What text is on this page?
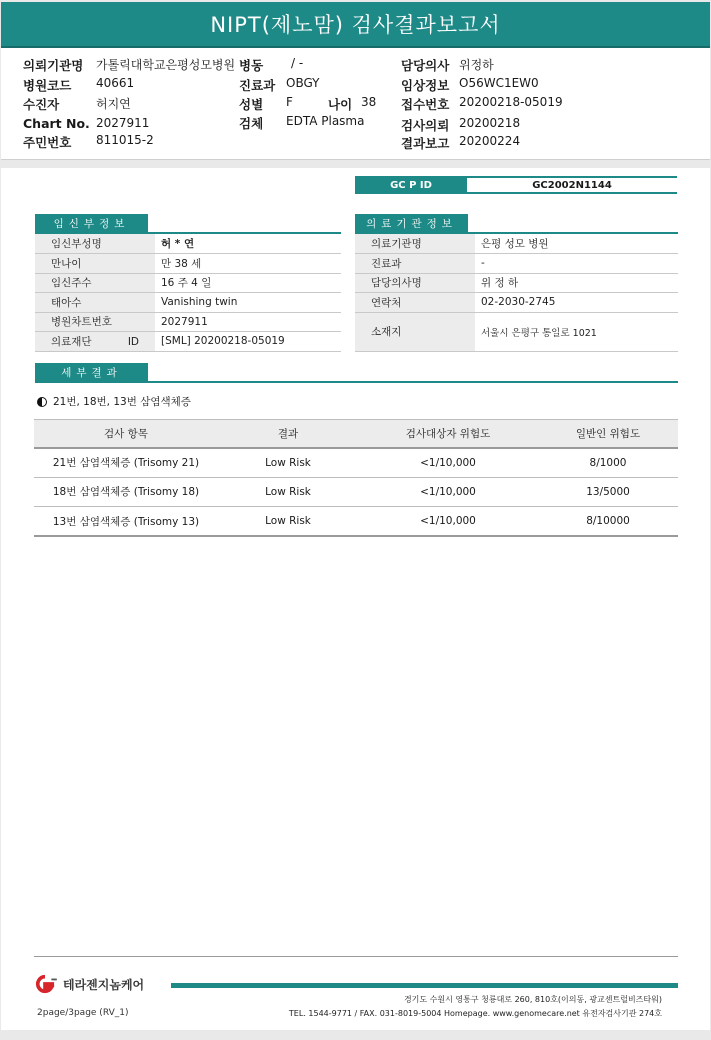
NIPT(제노맘) 검사결과보고서
의뢰기관명 가톨릭대학교은평성모병원 병동 / -	담당의사 위정하
병원코드 40661	진료과 OBGY	임상정보 O56WC1EW0
수진자	허지연	성별 F	나이 38 접수번호 20200218-05019
Chart No. 2027911	검체 EDTA Plasma	검사의뢰 20200218
주민번호 811015-2	결과보고 20200224
GC P ID	GC2002N1144
임신부정보
임신부성명	허 * 연
만나이	만 38 세
임신주수	16 주 4 일
태아수	Vanishing twin
병원차트번호	2027911
의료재단 ID	[SML] 20200218-05019
의료기관정보
의료기관명	은평 성모 병원
진료과	-
담당의사명	위 정 하
연락처	02-2030-2745
소재지	서울시 은평구 통일로 1021
세부결과
21번, 18번, 13번 삼염색체증
검사 항목	결과	검사대상자 위험도	일반인 위험도
21번 삼염색체증 (Trisomy 21)	Low Risk	<1/10,000	8/1000
18번 삼염색체증 (Trisomy 18)	Low Risk	<1/10,000	13/5000
13번 삼염색체증 (Trisomy 13)	Low Risk	<1/10,000	8/10000
테라젠지놈케어
경기도 수원시 영통구 청룡대로 260, 810호(이의동, 광교센트럴비즈타워)
TEL. 1544-9771 / FAX. 031-8019-5004 Homepage. www.genomecare.net 유전자검사기관 274호
2page/3page (RV_1)
